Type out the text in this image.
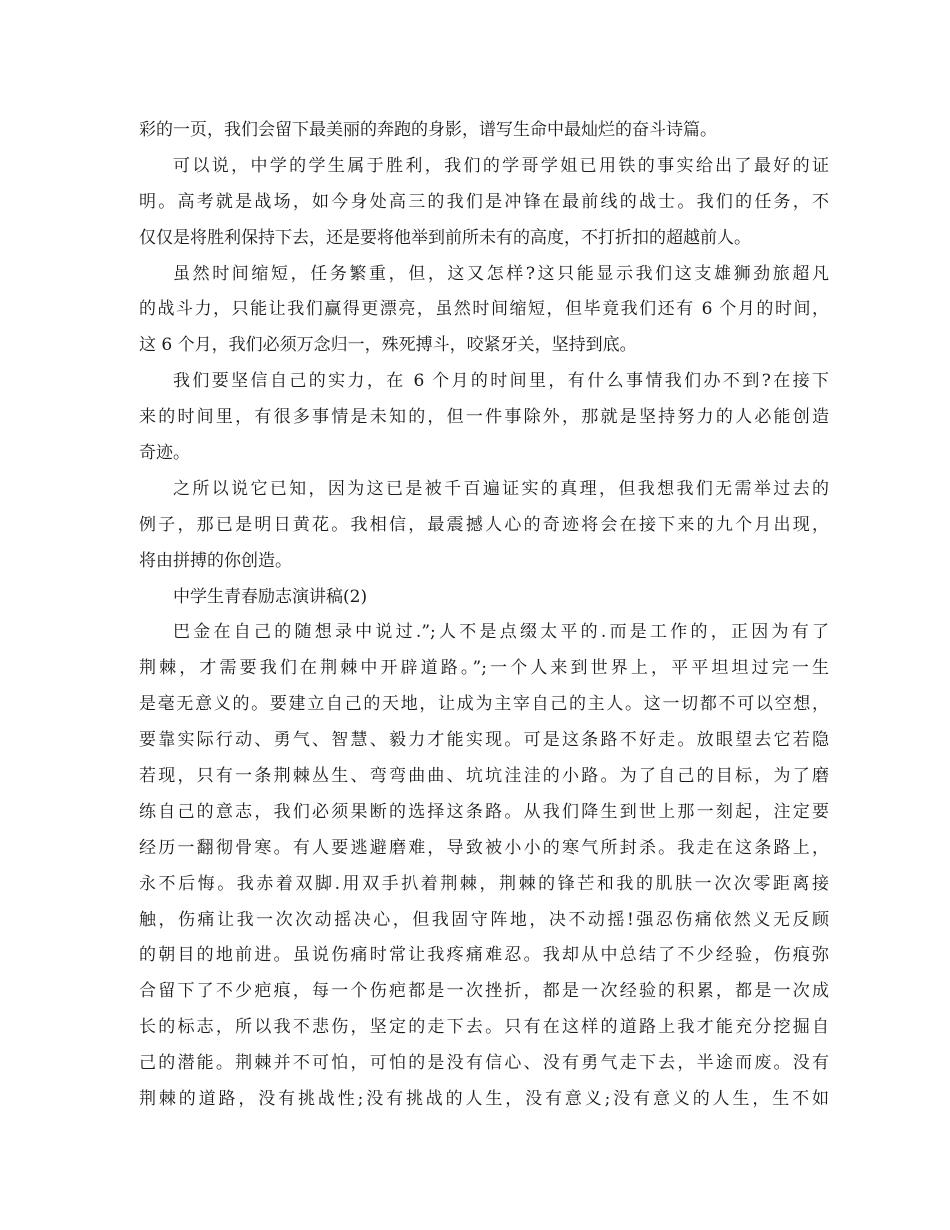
彩的一页，我们会留下最美丽的奔跑的身影，谱写生命中最灿烂的奋斗诗篇。
可以说，中学的学生属于胜利，我们的学哥学姐已用铁的事实给出了最好的证
明。高考就是战场，如今身处高三的我们是冲锋在最前线的战士。我们的任务，不
仅仅是将胜利保持下去，还是要将他举到前所未有的高度，不打折扣的超越前人。
虽然时间缩短，任务繁重，但，这又怎样?这只能显示我们这支雄狮劲旅超凡
的战斗力，只能让我们赢得更漂亮，虽然时间缩短，但毕竟我们还有 6 个月的时间，
这 6 个月，我们必须万念归一，殊死搏斗，咬紧牙关，坚持到底。
我们要坚信自己的实力，在 6 个月的时间里，有什么事情我们办不到?在接下
来的时间里，有很多事情是未知的，但一件事除外，那就是坚持努力的人必能创造
奇迹。
之所以说它已知，因为这已是被千百遍证实的真理，但我想我们无需举过去的
例子，那已是明日黄花。我相信，最震撼人心的奇迹将会在接下来的九个月出现，
将由拼搏的你创造。
中学生青春励志演讲稿(2)
巴金在自己的随想录中说过.”;人不是点缀太平的.而是工作的，正因为有了
荆棘，才需要我们在荆棘中开辟道路。”;一个人来到世界上，平平坦坦过完一生
是毫无意义的。要建立自己的天地，让成为主宰自己的主人。这一切都不可以空想，
要靠实际行动、勇气、智慧、毅力才能实现。可是这条路不好走。放眼望去它若隐
若现，只有一条荆棘丛生、弯弯曲曲、坑坑洼洼的小路。为了自己的目标，为了磨
练自己的意志，我们必须果断的选择这条路。从我们降生到世上那一刻起，注定要
经历一翻彻骨寒。有人要逃避磨难，导致被小小的寒气所封杀。我走在这条路上，
永不后悔。我赤着双脚.用双手扒着荆棘，荆棘的锋芒和我的肌肤一次次零距离接
触，伤痛让我一次次动摇决心，但我固守阵地，决不动摇!强忍伤痛依然义无反顾
的朝目的地前进。虽说伤痛时常让我疼痛难忍。我却从中总结了不少经验，伤痕弥
合留下了不少疤痕，每一个伤疤都是一次挫折，都是一次经验的积累，都是一次成
长的标志，所以我不悲伤，坚定的走下去。只有在这样的道路上我才能充分挖掘自
己的潜能。荆棘并不可怕，可怕的是没有信心、没有勇气走下去，半途而废。没有
荆棘的道路，没有挑战性;没有挑战的人生，没有意义;没有意义的人生，生不如
